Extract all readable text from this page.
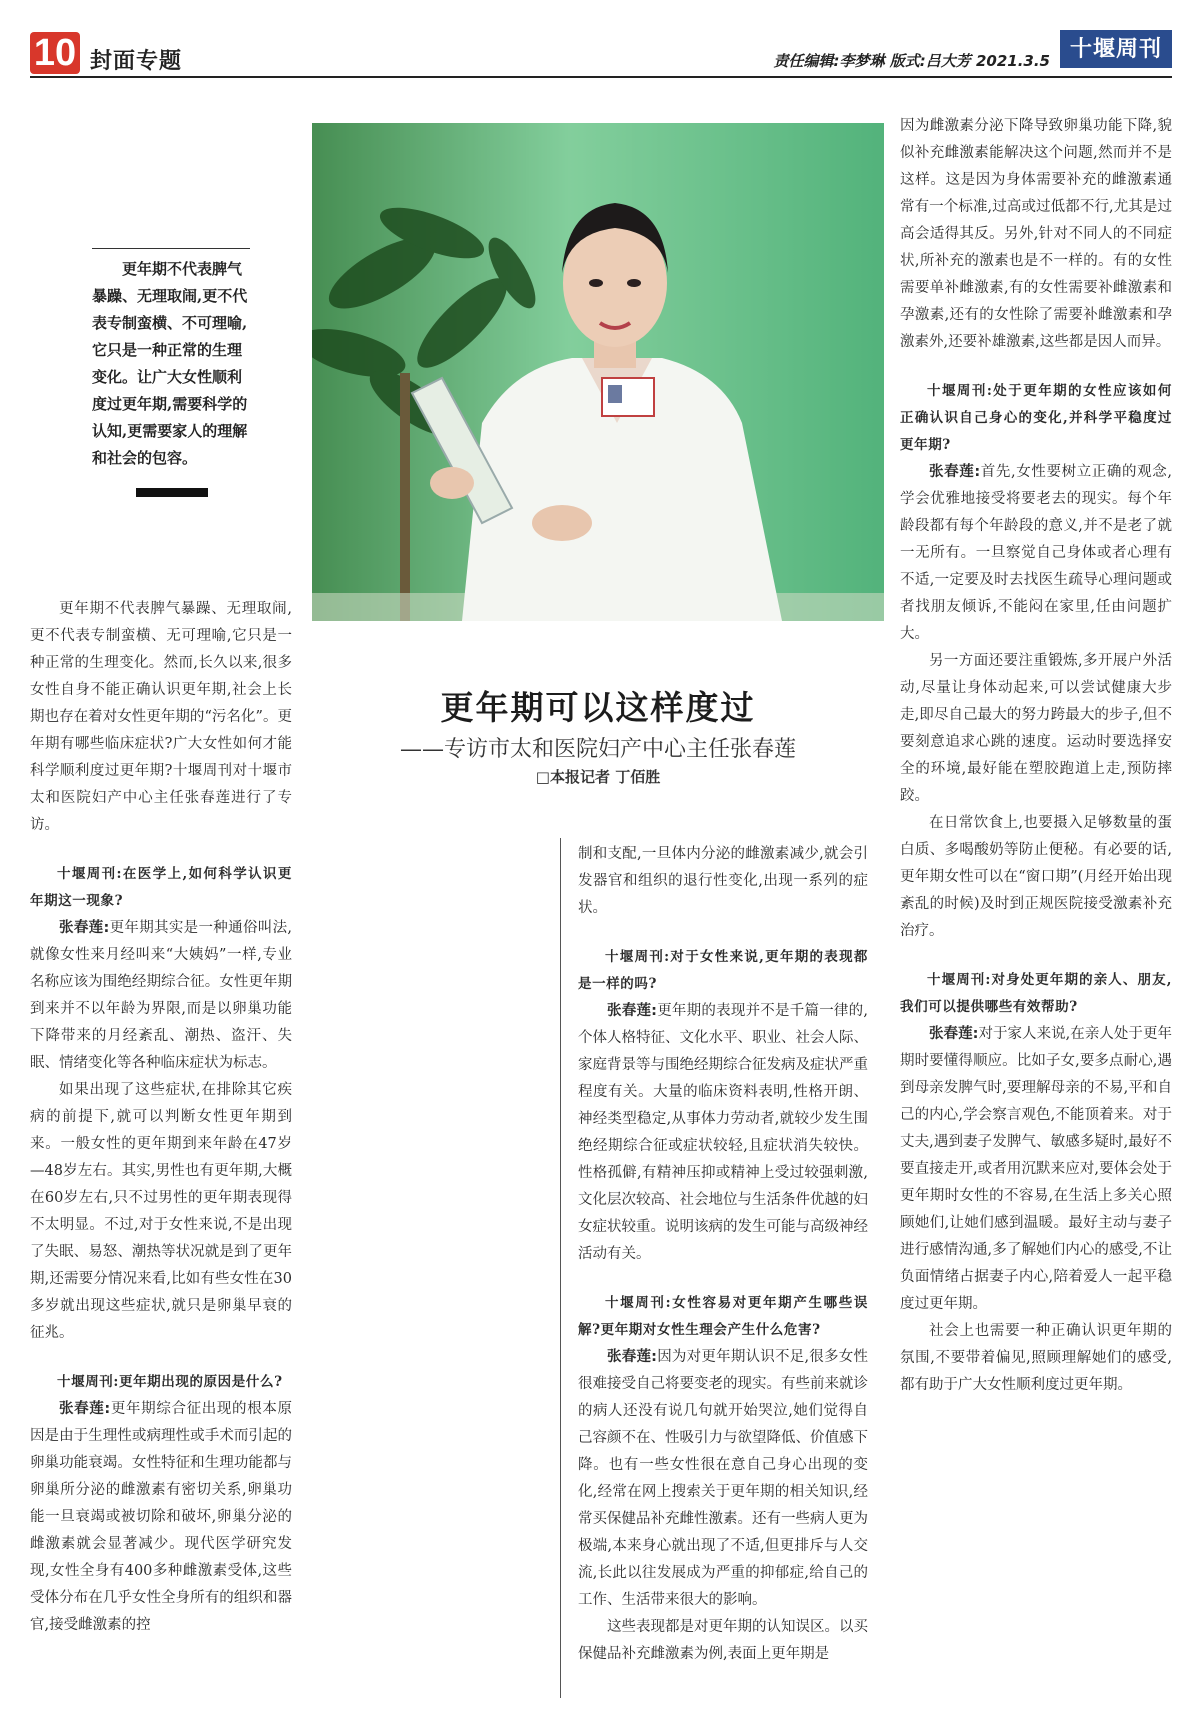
10 封面专题	责任编辑:李梦琳 版式:吕大芳 2021.3.5 十堰周刊
更年期不代表脾气暴躁、无理取闹,更不代表专制蛮横、不可理喻,它只是一种正常的生理变化。让广大女性顺利度过更年期,需要科学的认知,更需要家人的理解和社会的包容。
更年期可以这样度过
——专访市太和医院妇产中心主任张春莲
□本报记者 丁佰胜

更年期不代表脾气暴躁、无理取闹,更不代表专制蛮横、无可理喻,它只是一种正常的生理变化。然而,长久以来,很多女性自身不能正确认识更年期,社会上长期也存在着对女性更年期的“污名化”。更年期有哪些临床症状?广大女性如何才能科学顺利度过更年期?十堰周刊对十堰市太和医院妇产中心主任张春莲进行了专访。

十堰周刊:在医学上,如何科学认识更年期这一现象?

张春莲:更年期其实是一种通俗叫法,就像女性来月经叫来“大姨妈”一样,专业名称应该为围绝经期综合征。女性更年期到来并不以年龄为界限,而是以卵巢功能下降带来的月经紊乱、潮热、盗汗、失眠、情绪变化等各种临床症状为标志。

如果出现了这些症状,在排除其它疾病的前提下,就可以判断女性更年期到来。一般女性的更年期到来年龄在47岁—48岁左右。其实,男性也有更年期,大概在60岁左右,只不过男性的更年期表现得不太明显。不过,对于女性来说,不是出现了失眠、易怒、潮热等状况就是到了更年期,还需要分情况来看,比如有些女性在30多岁就出现这些症状,就只是卵巢早衰的征兆。

十堰周刊:更年期出现的原因是什么?

张春莲:更年期综合征出现的根本原因是由于生理性或病理性或手术而引起的卵巢功能衰竭。女性特征和生理功能都与卵巢所分泌的雌激素有密切关系,卵巢功能一旦衰竭或被切除和破坏,卵巢分泌的雌激素就会显著减少。现代医学研究发现,女性全身有400多种雌激素受体,这些受体分布在几乎女性全身所有的组织和器官,接受雌激素的控

制和支配,一旦体内分泌的雌激素减少,就会引发器官和组织的退行性变化,出现一系列的症状。

十堰周刊:对于女性来说,更年期的表现都是一样的吗?

张春莲:更年期的表现并不是千篇一律的,个体人格特征、文化水平、职业、社会人际、家庭背景等与围绝经期综合征发病及症状严重程度有关。大量的临床资料表明,性格开朗、神经类型稳定,从事体力劳动者,就较少发生围绝经期综合征或症状较轻,且症状消失较快。性格孤僻,有精神压抑或精神上受过较强刺激,文化层次较高、社会地位与生活条件优越的妇女症状较重。说明该病的发生可能与高级神经活动有关。

十堰周刊:女性容易对更年期产生哪些误解?更年期对女性生理会产生什么危害?

张春莲:因为对更年期认识不足,很多女性很难接受自己将要变老的现实。有些前来就诊的病人还没有说几句就开始哭泣,她们觉得自己容颜不在、性吸引力与欲望降低、价值感下降。也有一些女性很在意自己身心出现的变化,经常在网上搜索关于更年期的相关知识,经常买保健品补充雌性激素。还有一些病人更为极端,本来身心就出现了不适,但更排斥与人交流,长此以往发展成为严重的抑郁症,给自己的工作、生活带来很大的影响。

这些表现都是对更年期的认知误区。以买保健品补充雌激素为例,表面上更年期是

因为雌激素分泌下降导致卵巢功能下降,貌似补充雌激素能解决这个问题,然而并不是这样。这是因为身体需要补充的雌激素通常有一个标准,过高或过低都不行,尤其是过高会适得其反。另外,针对不同人的不同症状,所补充的激素也是不一样的。有的女性需要单补雌激素,有的女性需要补雌激素和孕激素,还有的女性除了需要补雌激素和孕激素外,还要补雄激素,这些都是因人而异。

十堰周刊:处于更年期的女性应该如何正确认识自己身心的变化,并科学平稳度过更年期?

张春莲:首先,女性要树立正确的观念,学会优雅地接受将要老去的现实。每个年龄段都有每个年龄段的意义,并不是老了就一无所有。一旦察觉自己身体或者心理有不适,一定要及时去找医生疏导心理问题或者找朋友倾诉,不能闷在家里,任由问题扩大。

另一方面还要注重锻炼,多开展户外活动,尽量让身体动起来,可以尝试健康大步走,即尽自己最大的努力跨最大的步子,但不要刻意追求心跳的速度。运动时要选择安全的环境,最好能在塑胶跑道上走,预防摔跤。

在日常饮食上,也要摄入足够数量的蛋白质、多喝酸奶等防止便秘。有必要的话,更年期女性可以在“窗口期”(月经开始出现紊乱的时候)及时到正规医院接受激素补充治疗。

十堰周刊:对身处更年期的亲人、朋友,我们可以提供哪些有效帮助?

张春莲:对于家人来说,在亲人处于更年期时要懂得顺应。比如子女,要多点耐心,遇到母亲发脾气时,要理解母亲的不易,平和自己的内心,学会察言观色,不能顶着来。对于丈夫,遇到妻子发脾气、敏感多疑时,最好不要直接走开,或者用沉默来应对,要体会处于更年期时女性的不容易,在生活上多关心照顾她们,让她们感到温暖。最好主动与妻子进行感情沟通,多了解她们内心的感受,不让负面情绪占据妻子内心,陪着爱人一起平稳度过更年期。

社会上也需要一种正确认识更年期的氛围,不要带着偏见,照顾理解她们的感受,都有助于广大女性顺利度过更年期。
